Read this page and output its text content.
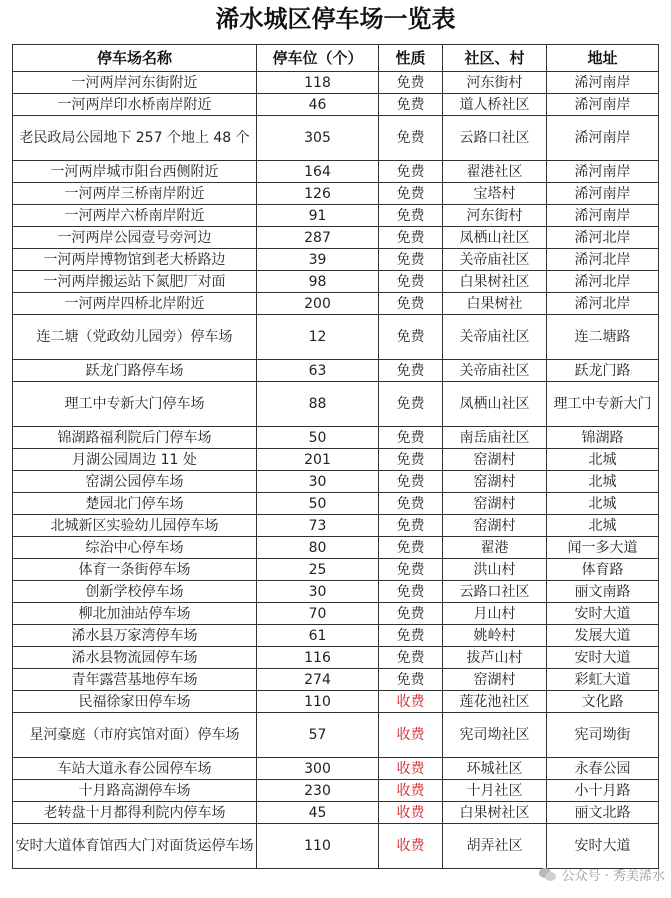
浠水城区停车场一览表
停车场名称	停车位（个）	性质	社区、村	地址
一河两岸河东街附近	118	免费	河东街村	浠河南岸
一河两岸印水桥南岸附近	46	免费	道人桥社区	浠河南岸
老民政局公园地下 257 个地上 48 个	305	免费	云路口社区	浠河南岸
一河两岸城市阳台西侧附近	164	免费	翟港社区	浠河南岸
一河两岸三桥南岸附近	126	免费	宝塔村	浠河南岸
一河两岸六桥南岸附近	91	免费	河东街村	浠河南岸
一河两岸公园壹号旁河边	287	免费	凤栖山社区	浠河北岸
一河两岸博物馆到老大桥路边	39	免费	关帝庙社区	浠河北岸
一河两岸搬运站下氮肥厂对面	98	免费	白果树社区	浠河北岸
一河两岸四桥北岸附近	200	免费	白果树社	浠河北岸
连二塘（党政幼儿园旁）停车场	12	免费	关帝庙社区	连二塘路
跃龙门路停车场	63	免费	关帝庙社区	跃龙门路
理工中专新大门停车场	88	免费	凤栖山社区	理工中专新大门
锦湖路福利院后门停车场	50	免费	南岳庙社区	锦湖路
月湖公园周边 11 处	201	免费	窑湖村	北城
窑湖公园停车场	30	免费	窑湖村	北城
楚园北门停车场	50	免费	窑湖村	北城
北城新区实验幼儿园停车场	73	免费	窑湖村	北城
综治中心停车场	80	免费	翟港	闻一多大道
体育一条街停车场	25	免费	洪山村	体育路
创新学校停车场	30	免费	云路口社区	丽文南路
柳北加油站停车场	70	免费	月山村	安时大道
浠水县万家湾停车场	61	免费	姚岭村	发展大道
浠水县物流园停车场	116	免费	拔芦山村	安时大道
青年露营基地停车场	274	免费	窑湖村	彩虹大道
民福徐家田停车场	110	收费	莲花池社区	文化路
星河豪庭（市府宾馆对面）停车场	57	收费	宪司坳社区	宪司坳街
车站大道永春公园停车场	300	收费	环城社区	永春公园
十月路高湖停车场	230	收费	十月社区	小十月路
老转盘十月都得利院内停车场	45	收费	白果树社区	丽文北路
安时大道体育馆西大门对面货运停车场	110	收费	胡弄社区	安时大道
公众号 · 秀美浠水
